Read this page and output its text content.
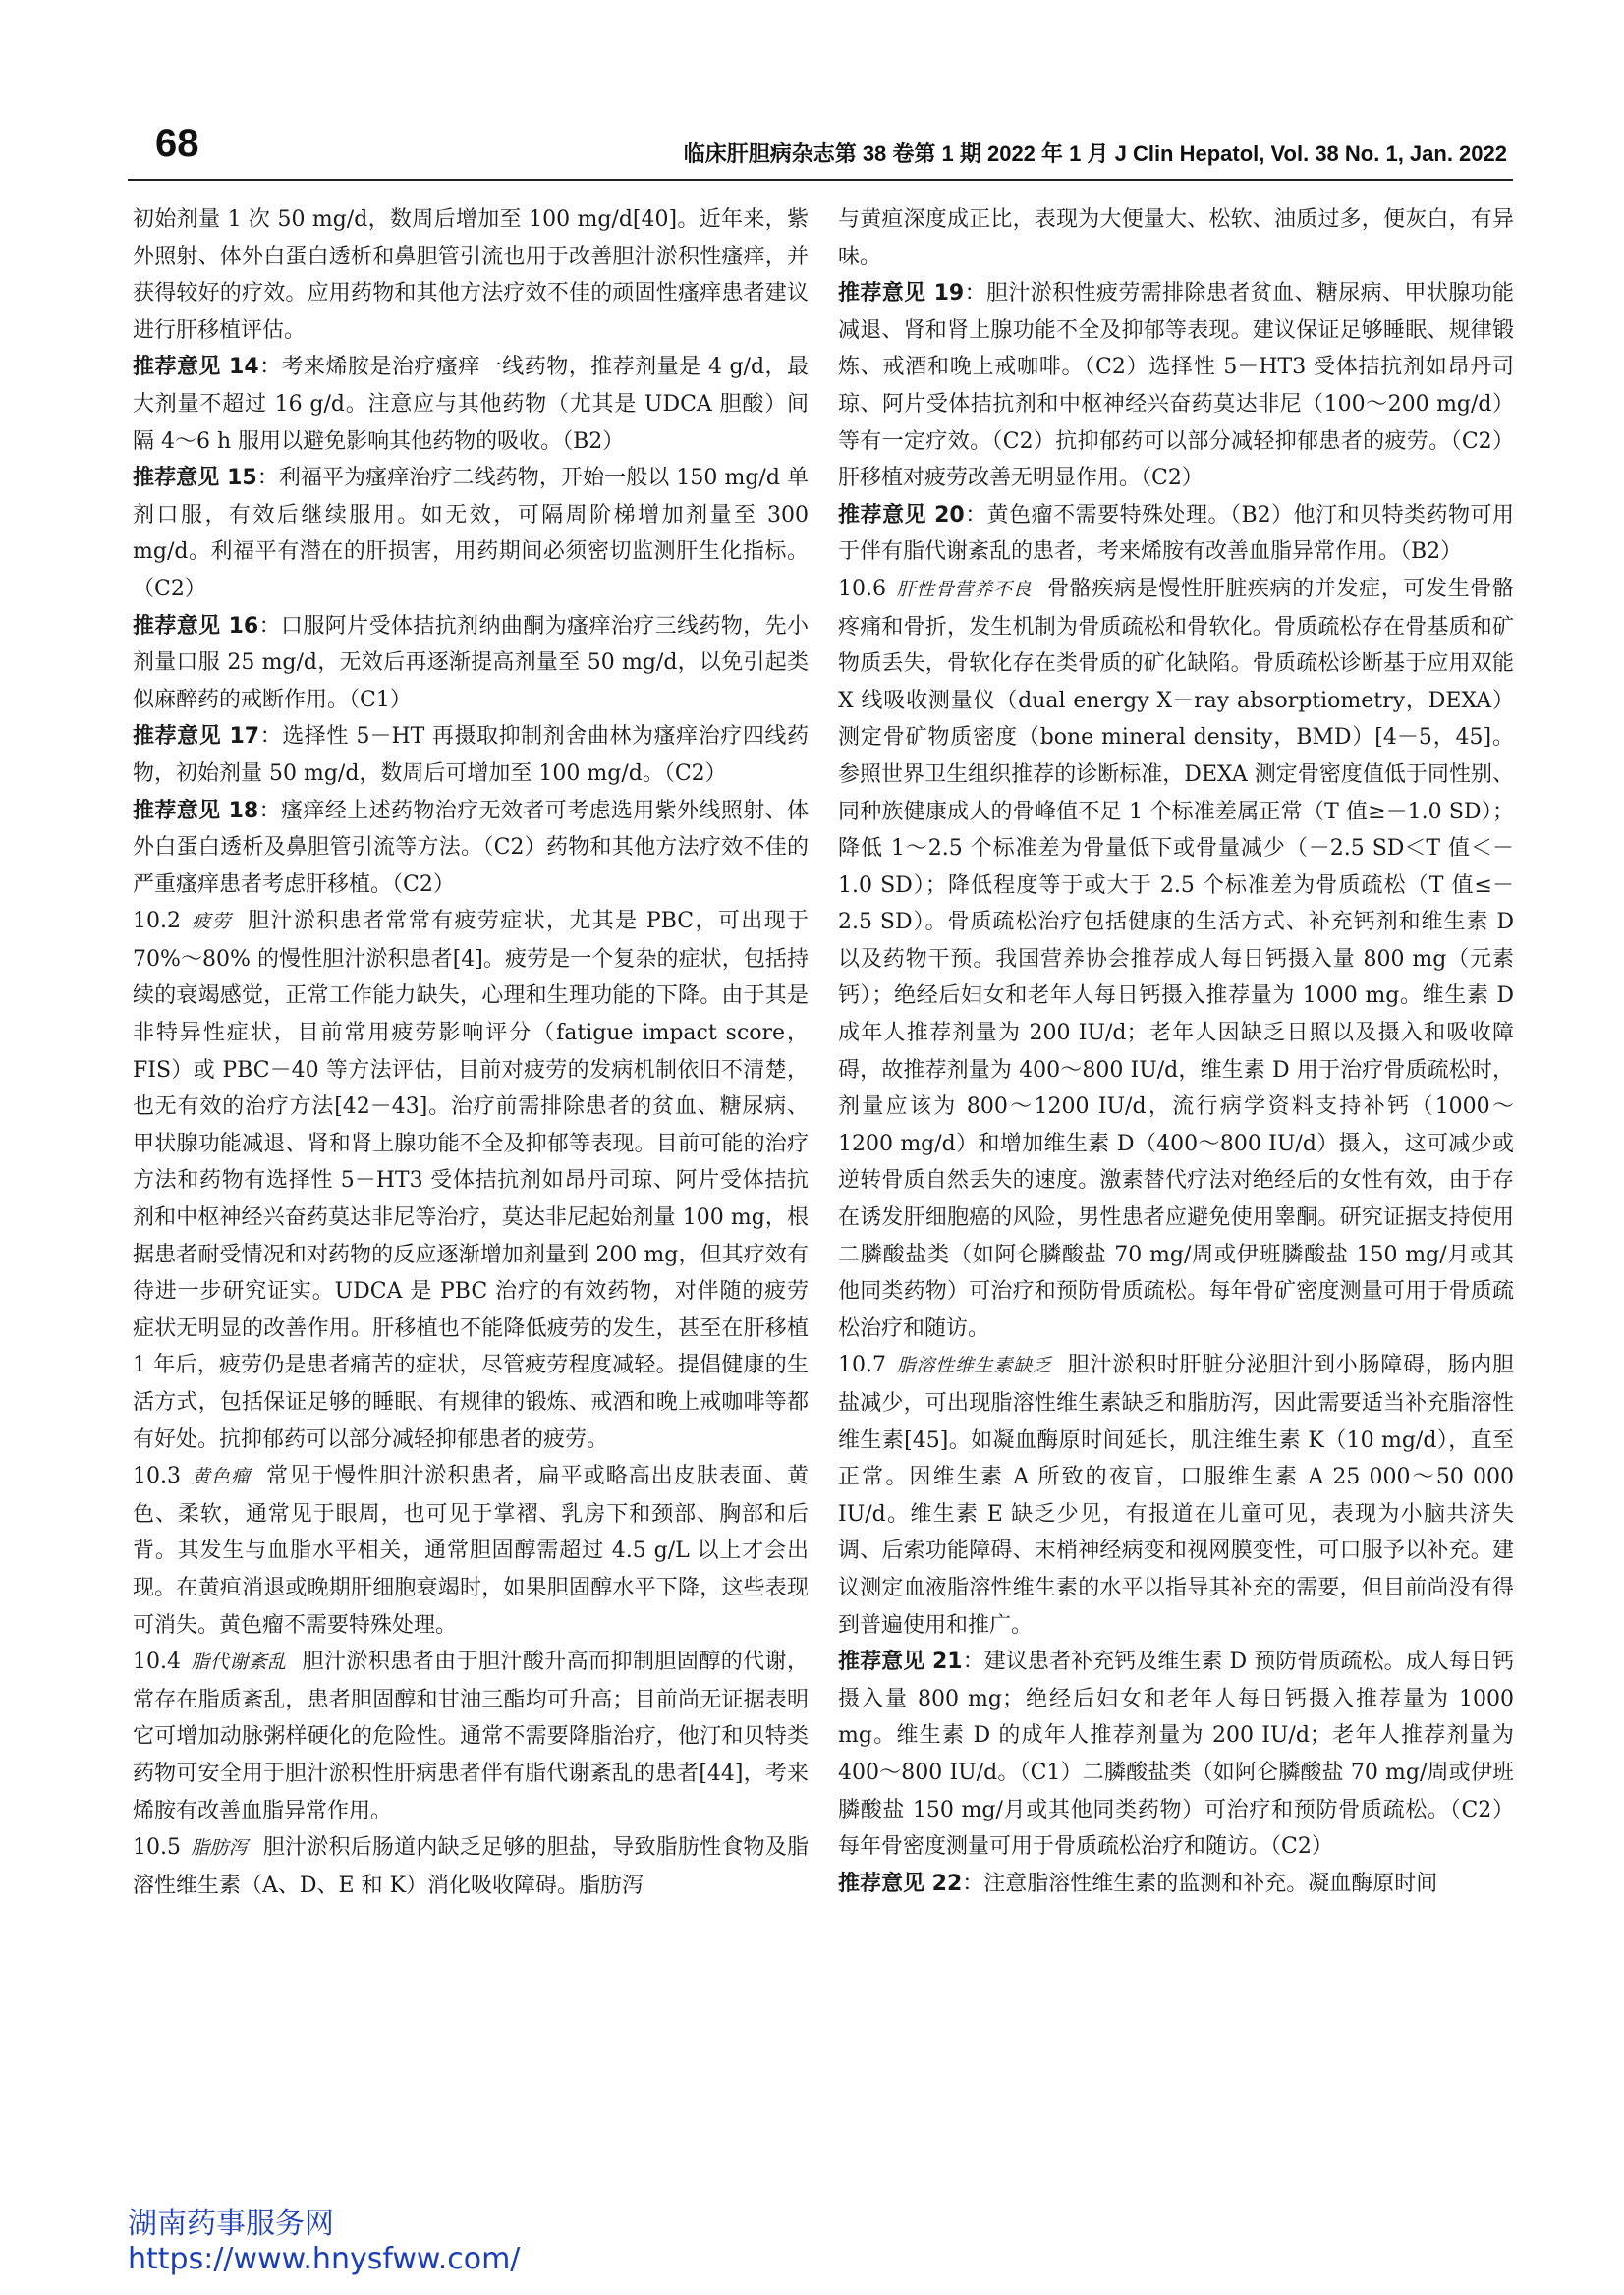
68	临床肝胆病杂志第 38 卷第 1 期 2022 年 1 月 J Clin Hepatol, Vol. 38 No. 1, Jan. 2022

初始剂量 1 次 50 mg/d，数周后增加至 100 mg/d[40]。近年来，紫外照射、体外白蛋白透析和鼻胆管引流也用于改善胆汁淤积性瘙痒，并获得较好的疗效。应用药物和其他方法疗效不佳的顽固性瘙痒患者建议进行肝移植评估。

推荐意见 14：考来烯胺是治疗瘙痒一线药物，推荐剂量是 4 g/d，最大剂量不超过 16 g/d。注意应与其他药物（尤其是 UDCA 胆酸）间隔 4～6 h 服用以避免影响其他药物的吸收。（B2）

推荐意见 15：利福平为瘙痒治疗二线药物，开始一般以 150 mg/d 单剂口服，有效后继续服用。如无效，可隔周阶梯增加剂量至 300 mg/d。利福平有潜在的肝损害，用药期间必须密切监测肝生化指标。（C2）

推荐意见 16：口服阿片受体拮抗剂纳曲酮为瘙痒治疗三线药物，先小剂量口服 25 mg/d，无效后再逐渐提高剂量至 50 mg/d，以免引起类似麻醉药的戒断作用。（C1）

推荐意见 17：选择性 5－HT 再摄取抑制剂舍曲林为瘙痒治疗四线药物，初始剂量 50 mg/d，数周后可增加至 100 mg/d。（C2）

推荐意见 18：瘙痒经上述药物治疗无效者可考虑选用紫外线照射、体外白蛋白透析及鼻胆管引流等方法。（C2）药物和其他方法疗效不佳的严重瘙痒患者考虑肝移植。（C2）

10.2 疲劳 胆汁淤积患者常常有疲劳症状，尤其是 PBC，可出现于 70%～80% 的慢性胆汁淤积患者[4]。疲劳是一个复杂的症状，包括持续的衰竭感觉，正常工作能力缺失，心理和生理功能的下降。由于其是非特异性症状，目前常用疲劳影响评分（fatigue impact score，FIS）或 PBC－40 等方法评估，目前对疲劳的发病机制依旧不清楚，也无有效的治疗方法[42－43]。治疗前需排除患者的贫血、糖尿病、甲状腺功能减退、肾和肾上腺功能不全及抑郁等表现。目前可能的治疗方法和药物有选择性 5－HT3 受体拮抗剂如昂丹司琼、阿片受体拮抗剂和中枢神经兴奋药莫达非尼等治疗，莫达非尼起始剂量 100 mg，根据患者耐受情况和对药物的反应逐渐增加剂量到 200 mg，但其疗效有待进一步研究证实。UDCA 是 PBC 治疗的有效药物，对伴随的疲劳症状无明显的改善作用。肝移植也不能降低疲劳的发生，甚至在肝移植 1 年后，疲劳仍是患者痛苦的症状，尽管疲劳程度减轻。提倡健康的生活方式，包括保证足够的睡眠、有规律的锻炼、戒酒和晚上戒咖啡等都有好处。抗抑郁药可以部分减轻抑郁患者的疲劳。

10.3 黄色瘤 常见于慢性胆汁淤积患者，扁平或略高出皮肤表面、黄色、柔软，通常见于眼周，也可见于掌褶、乳房下和颈部、胸部和后背。其发生与血脂水平相关，通常胆固醇需超过 4.5 g/L 以上才会出现。在黄疸消退或晚期肝细胞衰竭时，如果胆固醇水平下降，这些表现可消失。黄色瘤不需要特殊处理。

10.4 脂代谢紊乱 胆汁淤积患者由于胆汁酸升高而抑制胆固醇的代谢，常存在脂质紊乱，患者胆固醇和甘油三酯均可升高；目前尚无证据表明它可增加动脉粥样硬化的危险性。通常不需要降脂治疗，他汀和贝特类药物可安全用于胆汁淤积性肝病患者伴有脂代谢紊乱的患者[44]，考来烯胺有改善血脂异常作用。

10.5 脂肪泻 胆汁淤积后肠道内缺乏足够的胆盐，导致脂肪性食物及脂溶性维生素（A、D、E 和 K）消化吸收障碍。脂肪泻

与黄疸深度成正比，表现为大便量大、松软、油质过多，便灰白，有异味。

推荐意见 19：胆汁淤积性疲劳需排除患者贫血、糖尿病、甲状腺功能减退、肾和肾上腺功能不全及抑郁等表现。建议保证足够睡眠、规律锻炼、戒酒和晚上戒咖啡。（C2）选择性 5－HT3 受体拮抗剂如昂丹司琼、阿片受体拮抗剂和中枢神经兴奋药莫达非尼（100～200 mg/d）等有一定疗效。（C2）抗抑郁药可以部分减轻抑郁患者的疲劳。（C2）肝移植对疲劳改善无明显作用。（C2）

推荐意见 20：黄色瘤不需要特殊处理。（B2）他汀和贝特类药物可用于伴有脂代谢紊乱的患者，考来烯胺有改善血脂异常作用。（B2）

10.6 肝性骨营养不良 骨骼疾病是慢性肝脏疾病的并发症，可发生骨骼疼痛和骨折，发生机制为骨质疏松和骨软化。骨质疏松存在骨基质和矿物质丢失，骨软化存在类骨质的矿化缺陷。骨质疏松诊断基于应用双能 X 线吸收测量仪（dual energy X－ray absorptiometry，DEXA）测定骨矿物质密度（bone mineral density，BMD）[4－5，45]。参照世界卫生组织推荐的诊断标准，DEXA 测定骨密度值低于同性别、同种族健康成人的骨峰值不足 1 个标准差属正常（T 值≥－1.0 SD）；降低 1～2.5 个标准差为骨量低下或骨量减少（－2.5 SD＜T 值＜－1.0 SD）；降低程度等于或大于 2.5 个标准差为骨质疏松（T 值≤－2.5 SD）。骨质疏松治疗包括健康的生活方式、补充钙剂和维生素 D 以及药物干预。我国营养协会推荐成人每日钙摄入量 800 mg（元素钙）；绝经后妇女和老年人每日钙摄入推荐量为 1000 mg。维生素 D 成年人推荐剂量为 200 IU/d；老年人因缺乏日照以及摄入和吸收障碍，故推荐剂量为 400～800 IU/d，维生素 D 用于治疗骨质疏松时，剂量应该为 800～1200 IU/d，流行病学资料支持补钙（1000～1200 mg/d）和增加维生素 D（400～800 IU/d）摄入，这可减少或逆转骨质自然丢失的速度。激素替代疗法对绝经后的女性有效，由于存在诱发肝细胞癌的风险，男性患者应避免使用睾酮。研究证据支持使用二膦酸盐类（如阿仑膦酸盐 70 mg/周或伊班膦酸盐 150 mg/月或其他同类药物）可治疗和预防骨质疏松。每年骨矿密度测量可用于骨质疏松治疗和随访。

10.7 脂溶性维生素缺乏 胆汁淤积时肝脏分泌胆汁到小肠障碍，肠内胆盐减少，可出现脂溶性维生素缺乏和脂肪泻，因此需要适当补充脂溶性维生素[45]。如凝血酶原时间延长，肌注维生素 K（10 mg/d），直至正常。因维生素 A 所致的夜盲，口服维生素 A 25 000～50 000 IU/d。维生素 E 缺乏少见，有报道在儿童可见，表现为小脑共济失调、后索功能障碍、末梢神经病变和视网膜变性，可口服予以补充。建议测定血液脂溶性维生素的水平以指导其补充的需要，但目前尚没有得到普遍使用和推广。

推荐意见 21：建议患者补充钙及维生素 D 预防骨质疏松。成人每日钙摄入量 800 mg；绝经后妇女和老年人每日钙摄入推荐量为 1000 mg。维生素 D 的成年人推荐剂量为 200 IU/d；老年人推荐剂量为 400～800 IU/d。（C1）二膦酸盐类（如阿仑膦酸盐 70 mg/周或伊班膦酸盐 150 mg/月或其他同类药物）可治疗和预防骨质疏松。（C2）每年骨密度测量可用于骨质疏松治疗和随访。（C2）

推荐意见 22：注意脂溶性维生素的监测和补充。凝血酶原时间

湖南药事服务网
https://www.hnysfww.com/
